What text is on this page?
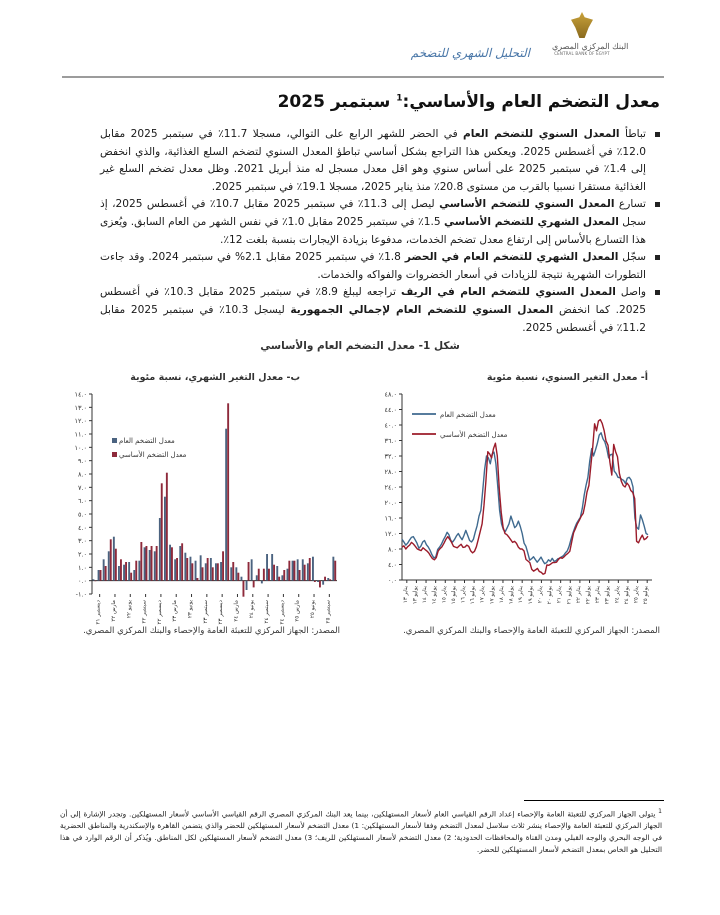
البنك المركزي المصري
CENTRAL BANK OF EGYPT
التحليل الشهري للتضخم
معدل التضخم العام والأساسي:$^1$ سبتمبر 2025
تباطأ المعدل السنوي للتضخم العام في الحضر للشهر الرابع على التوالي، مسجلا 11.7٪ في سبتمبر 2025 مقابل 12.0٪ في أغسطس 2025. ويعكس هذا التراجع بشكل أساسي تباطؤ المعدل السنوي لتضخم السلع الغذائية، والذي انخفض إلى 1.4٪ في سبتمبر 2025 على أساس سنوي وهو اقل معدل مسجل له منذ أبريل 2021. وظل معدل تضخم السلع غير الغذائية مستقرا نسبيا بالقرب من مستوى 20.8٪ منذ يناير 2025، مسجلا 19.1٪ في سبتمبر 2025.
تسارع المعدل السنوي للتضخم الأساسي ليصل إلى 11.3٪ في سبتمبر 2025 مقابل 10.7٪ في أغسطس 2025، إذ سجل المعدل الشهري للتضخم الأساسي 1.5٪ في سبتمبر 2025 مقابل 1.0٪ في نفس الشهر من العام السابق. ويُعزى هذا التسارع بالأساس إلى ارتفاع معدل تضخم الخدمات، مدفوعا بزيادة الإيجارات بنسبة بلغت 12٪.
سجّل المعدل الشهري للتضخم العام في الحضر 1.8٪ في سبتمبر 2025 مقابل 2.1% في سبتمبر 2024. وقد جاءت التطورات الشهرية نتيجة للزيادات في أسعار الخضروات والفواكه والخدمات.
واصل المعدل السنوي للتضخم العام في الريف تراجعه ليبلغ 8.9٪ في سبتمبر 2025 مقابل 10.3٪ في أغسطس 2025. كما انخفض المعدل السنوي للتضخم العام لإجمالي الجمهورية ليسجل 10.3٪ في سبتمبر 2025 مقابل 11.2٪ في أغسطس 2025.
شكل 1- معدل التضخم العام والأساسي
أ- معدل التغير السنوي، نسبة مئوية
ب- معدل التغير الشهري، نسبة مئوية
٠.٠
٤.٠
٨.٠
١٢.٠
١٦.٠
٢٠.٠
٢٤.٠
٢٨.٠
٣٢.٠
٣٦.٠
٤٠.٠
٤٤.٠
٤٨.٠
يناير ١٣
يوليو ١٣
يناير ١٤
يوليو ١٤
يناير ١٥
يوليو ١٥
يناير ١٦
يوليو ١٦
يناير ١٧
يوليو ١٧
يناير ١٨
يوليو ١٨
يناير ١٩
يوليو ١٩
يناير ٢٠
يوليو ٢٠
يناير ٢١
يوليو ٢١
يناير ٢٢
يوليو ٢٢
يناير ٢٣
يوليو ٢٣
يناير ٢٤
يوليو ٢٤
يناير ٢٥
يوليو ٢٥
معدل التضخم العام
معدل التضخم الأساسي
-١.٠
٠.٠
١.٠
٢.٠
٣.٠
٤.٠
٥.٠
٦.٠
٧.٠
٨.٠
٩.٠
١٠.٠
١١.٠
١٢.٠
١٣.٠
١٤.٠
ديسمبر ٢١
مارس ٢٢ يونيو ٢٢
سبتمبر ٢٢
ديسمبر ٢٢
مارس ٢٣ يونيو ٢٣
سبتمبر ٢٣
ديسمبر ٢٣
مارس ٢٤ يونيو ٢٤
سبتمبر ٢٤
ديسمبر ٢٤
مارس ٢٥ يونيو ٢٥
سبتمبر ٢٥
معدل التضخم العام
معدل التضخم الأساسي
المصدر: الجهاز المركزي للتعبئة العامة والإحصاء والبنك المركزي المصري.
المصدر: الجهاز المركزي للتعبئة العامة والإحصاء والبنك المركزي المصري.
$^1$ يتولى الجهاز المركزي للتعبئة العامة والإحصاء إعداد الرقم القياسي العام لأسعار المستهلكين، بينما يعد البنك المركزي المصري الرقم القياسي الأساسي لأسعار المستهلكين. وتجدر الإشارة إلى أن الجهاز المركزي للتعبئة العامة والإحصاء ينشر ثلاث سلاسل لمعدل التضخم وفقا لأسعار المستهلكين: 1) معدل التضخم لأسعار المستهلكين للحضر والذي يتضمن القاهرة والإسكندرية والمناطق الحضرية في الوجه البحري والوجه القبلي ومدن القناة والمحافظات الحدودية؛ 2) معدل التضخم لأسعار المستهلكين للريف؛ 3) معدل التضخم لأسعار المستهلكين لكل المناطق. ويُذكر أن الرقم الوارد في هذا التحليل هو الخاص بمعدل التضخم لأسعار المستهلكين للحضر.
